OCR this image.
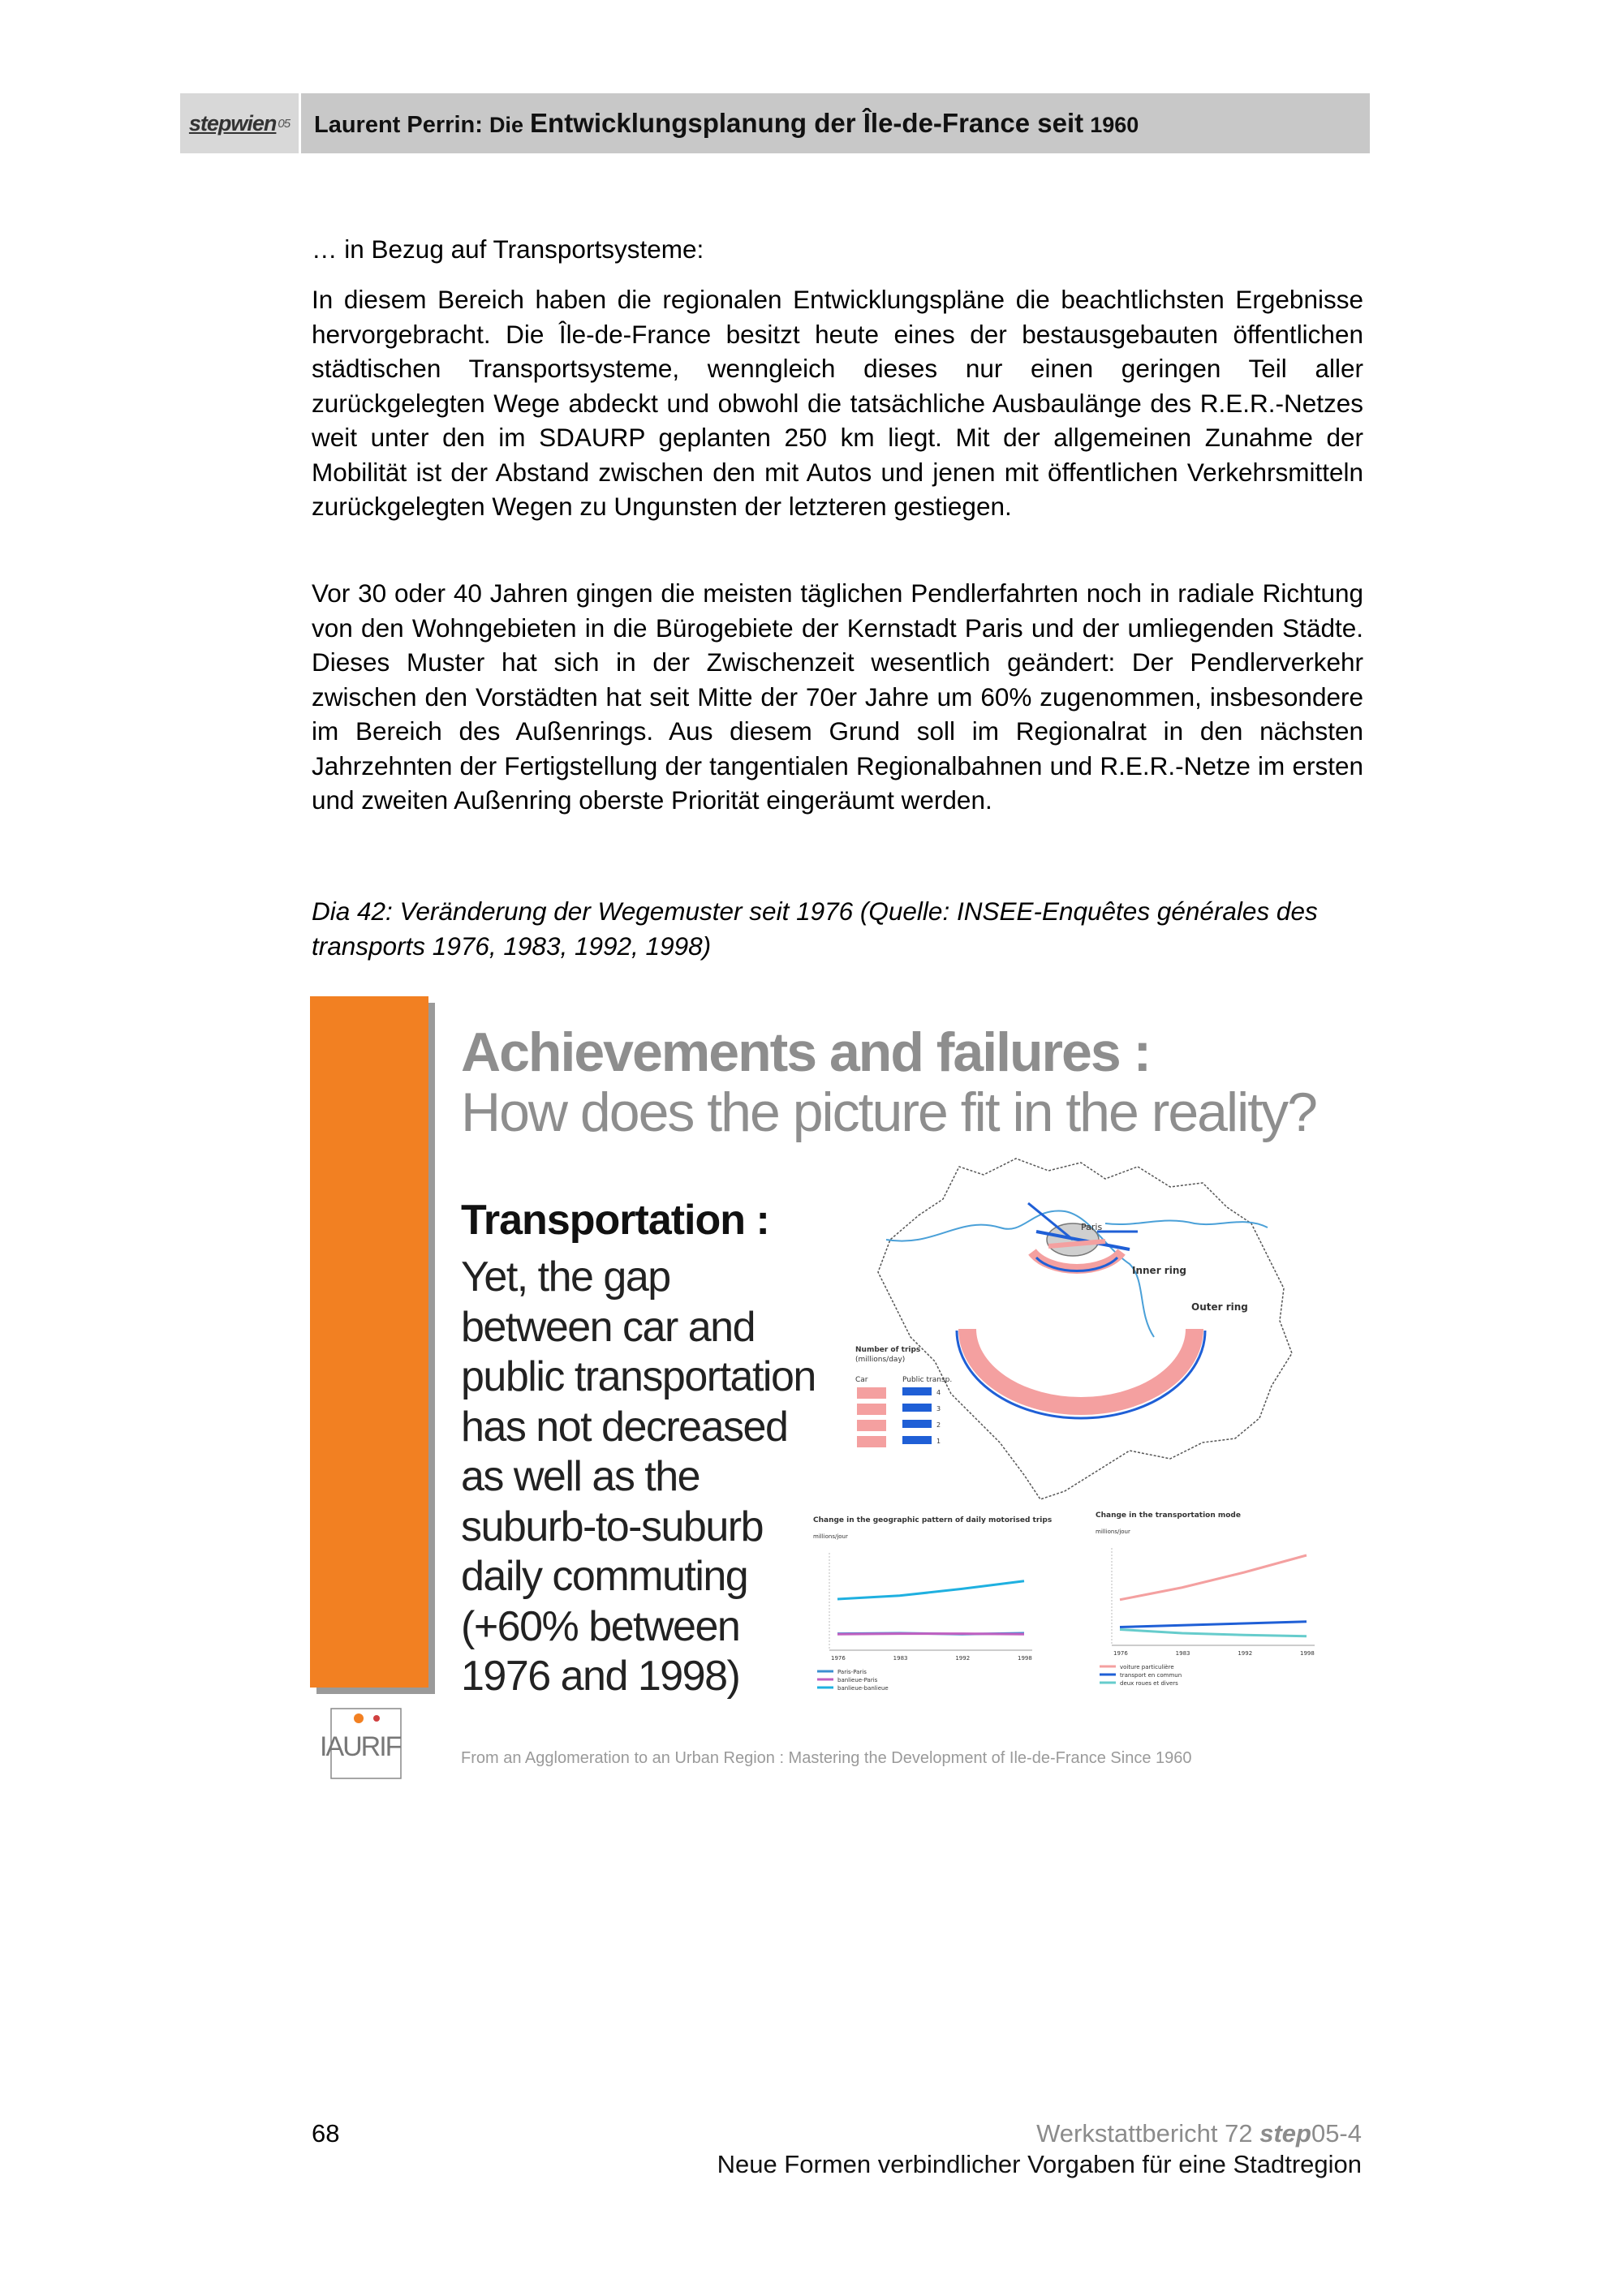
stepwien 05 Laurent Perrin: Die Entwicklungsplanung der Île-de-France seit 1960

… in Bezug auf Transportsysteme:

In diesem Bereich haben die regionalen Entwicklungspläne die beachtlichsten Ergebnisse hervorgebracht. Die Île-de-France besitzt heute eines der bestausgebauten öffentlichen städtischen Transportsysteme, wenngleich dieses nur einen geringen Teil aller zurückgelegten Wege abdeckt und obwohl die tatsächliche Ausbaulänge des R.E.R.-Netzes weit unter den im SDAURP geplanten 250 km liegt. Mit der allgemeinen Zunahme der Mobilität ist der Abstand zwischen den mit Autos und jenen mit öffentlichen Verkehrsmitteln zurückgelegten Wegen zu Ungunsten der letzteren gestiegen.

Vor 30 oder 40 Jahren gingen die meisten täglichen Pendlerfahrten noch in radiale Richtung von den Wohngebieten in die Bürogebiete der Kernstadt Paris und der umliegenden Städte. Dieses Muster hat sich in der Zwischenzeit wesentlich geändert: Der Pendlerverkehr zwischen den Vorstädten hat seit Mitte der 70er Jahre um 60% zugenommen, insbesondere im Bereich des Außenrings. Aus diesem Grund soll im Regionalrat in den nächsten Jahrzehnten der Fertigstellung der tangentialen Regionalbahnen und R.E.R.-Netze im ersten und zweiten Außenring oberste Priorität eingeräumt werden.

Dia 42: Veränderung der Wegemuster seit 1976 (Quelle: INSEE-Enquêtes générales des transports 1976, 1983, 1992, 1998)
Achievements and failures :
How does the picture fit in the reality?
Transportation :
Yet, the gap
between car and
public transportation
has not decreased
as well as the
suburb-to-suburb
daily commuting
(+60% between
1976 and 1998)
Paris
Inner ring
Outer ring
Number of trips
(millions/day)
Car	Public transp.
4
3
2
1
Change in the geographic pattern of daily motorised trips
millions/jour
1976	1983	1992	1998
Paris-Paris
banlieue-Paris
banlieue-banlieue
Change in the transportation mode
millions/jour
1976	1983	1992	1998
voiture particulière
transport en commun
deux roues et divers
IAURIF	From an Agglomeration to an Urban Region : Mastering the Development of Ile-de-France Since 1960
68	Werkstattbericht 72 step05-4
Neue Formen verbindlicher Vorgaben für eine Stadtregion
